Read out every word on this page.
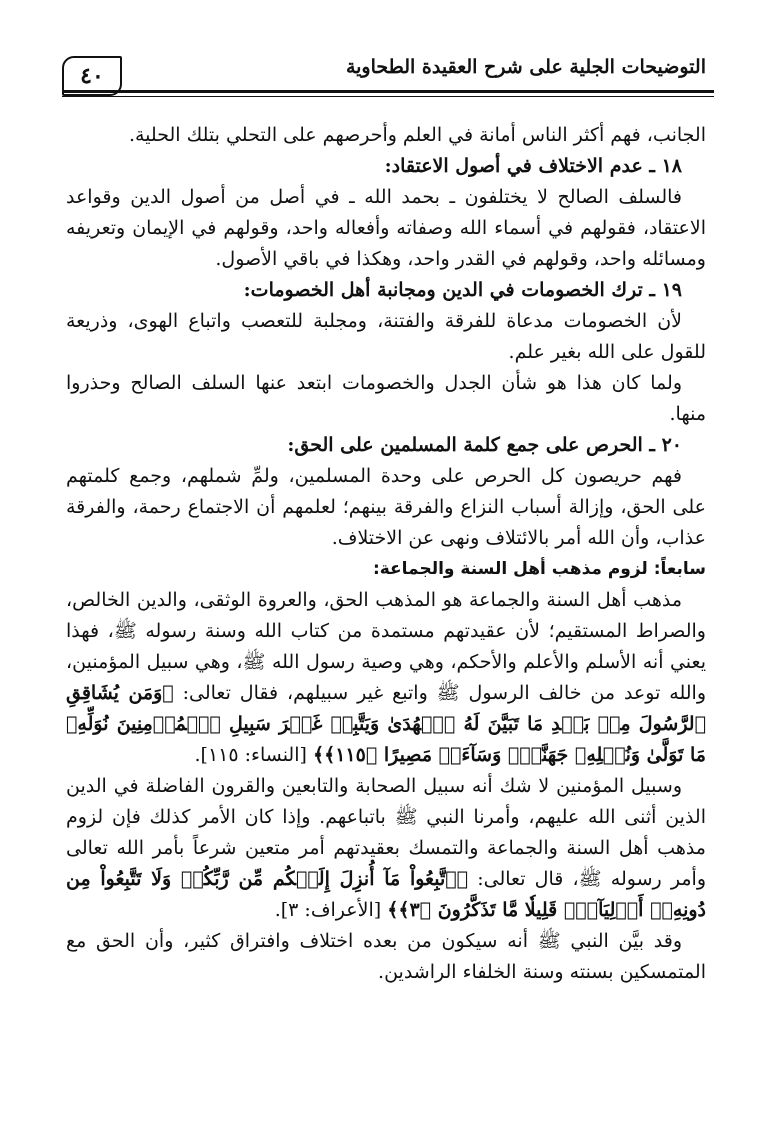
٤٠	التوضيحات الجلية على شرح العقيدة الطحاوية

الجانب، فهم أكثر الناس أمانة في العلم وأحرصهم على التحلي بتلك الحلية.

١٨ ـ عدم الاختلاف في أصول الاعتقاد:

فالسلف الصالح لا يختلفون ـ بحمد الله ـ في أصل من أصول الدين وقواعد الاعتقاد، فقولهم في أسماء الله وصفاته وأفعاله واحد، وقولهم في الإيمان وتعريفه ومسائله واحد، وقولهم في القدر واحد، وهكذا في باقي الأصول.

١٩ ـ ترك الخصومات في الدين ومجانبة أهل الخصومات:

لأن الخصومات مدعاة للفرقة والفتنة، ومجلبة للتعصب واتباع الهوى، وذريعة للقول على الله بغير علم.

ولما كان هذا هو شأن الجدل والخصومات ابتعد عنها السلف الصالح وحذروا منها.

٢٠ ـ الحرص على جمع كلمة المسلمين على الحق:

فهم حريصون كل الحرص على وحدة المسلمين، ولمِّ شملهم، وجمع كلمتهم على الحق، وإزالة أسباب النزاع والفرقة بينهم؛ لعلمهم أن الاجتماع رحمة، والفرقة عذاب، وأن الله أمر بالائتلاف ونهى عن الاختلاف.

سابعاً: لزوم مذهب أهل السنة والجماعة:

مذهب أهل السنة والجماعة هو المذهب الحق، والعروة الوثقى، والدين الخالص، والصراط المستقيم؛ لأن عقيدتهم مستمدة من كتاب الله وسنة رسوله ﷺ، فهذا يعني أنه الأسلم والأعلم والأحكم، وهي وصية رسول الله ﷺ، وهي سبيل المؤمنين، والله توعد من خالف الرسول ﷺ واتبع غير سبيلهم، فقال تعالى: ﴿وَمَن يُشَاقِقِ ٱلرَّسُولَ مِنۢ بَعۡدِ مَا تَبَيَّنَ لَهُ ٱلۡهُدَىٰ وَيَتَّبِعۡ غَيۡرَ سَبِيلِ ٱلۡمُؤۡمِنِينَ نُوَلِّهِۦ مَا تَوَلَّىٰ وَنُصۡلِهِۦ جَهَنَّمَۖ وَسَآءَتۡ مَصِيرًا ﴿١١٥﴾﴾ [النساء: ١١٥].

وسبيل المؤمنين لا شك أنه سبيل الصحابة والتابعين والقرون الفاضلة في الدين الذين أثنى الله عليهم، وأمرنا النبي ﷺ باتباعهم. وإذا كان الأمر كذلك فإن لزوم مذهب أهل السنة والجماعة والتمسك بعقيدتهم أمر متعين شرعاً بأمر الله تعالى وأمر رسوله ﷺ، قال تعالى: ﴿ٱتَّبِعُواْ مَآ أُنزِلَ إِلَيۡكُم مِّن رَّبِّكُمۡ وَلَا تَتَّبِعُواْ مِن دُونِهِۦٓ أَوۡلِيَآءَۗ قَلِيلٗا مَّا تَذَكَّرُونَ ﴿٣﴾﴾ [الأعراف: ٣].

وقد بيَّن النبي ﷺ أنه سيكون من بعده اختلاف وافتراق كثير، وأن الحق مع المتمسكين بسنته وسنة الخلفاء الراشدين.
